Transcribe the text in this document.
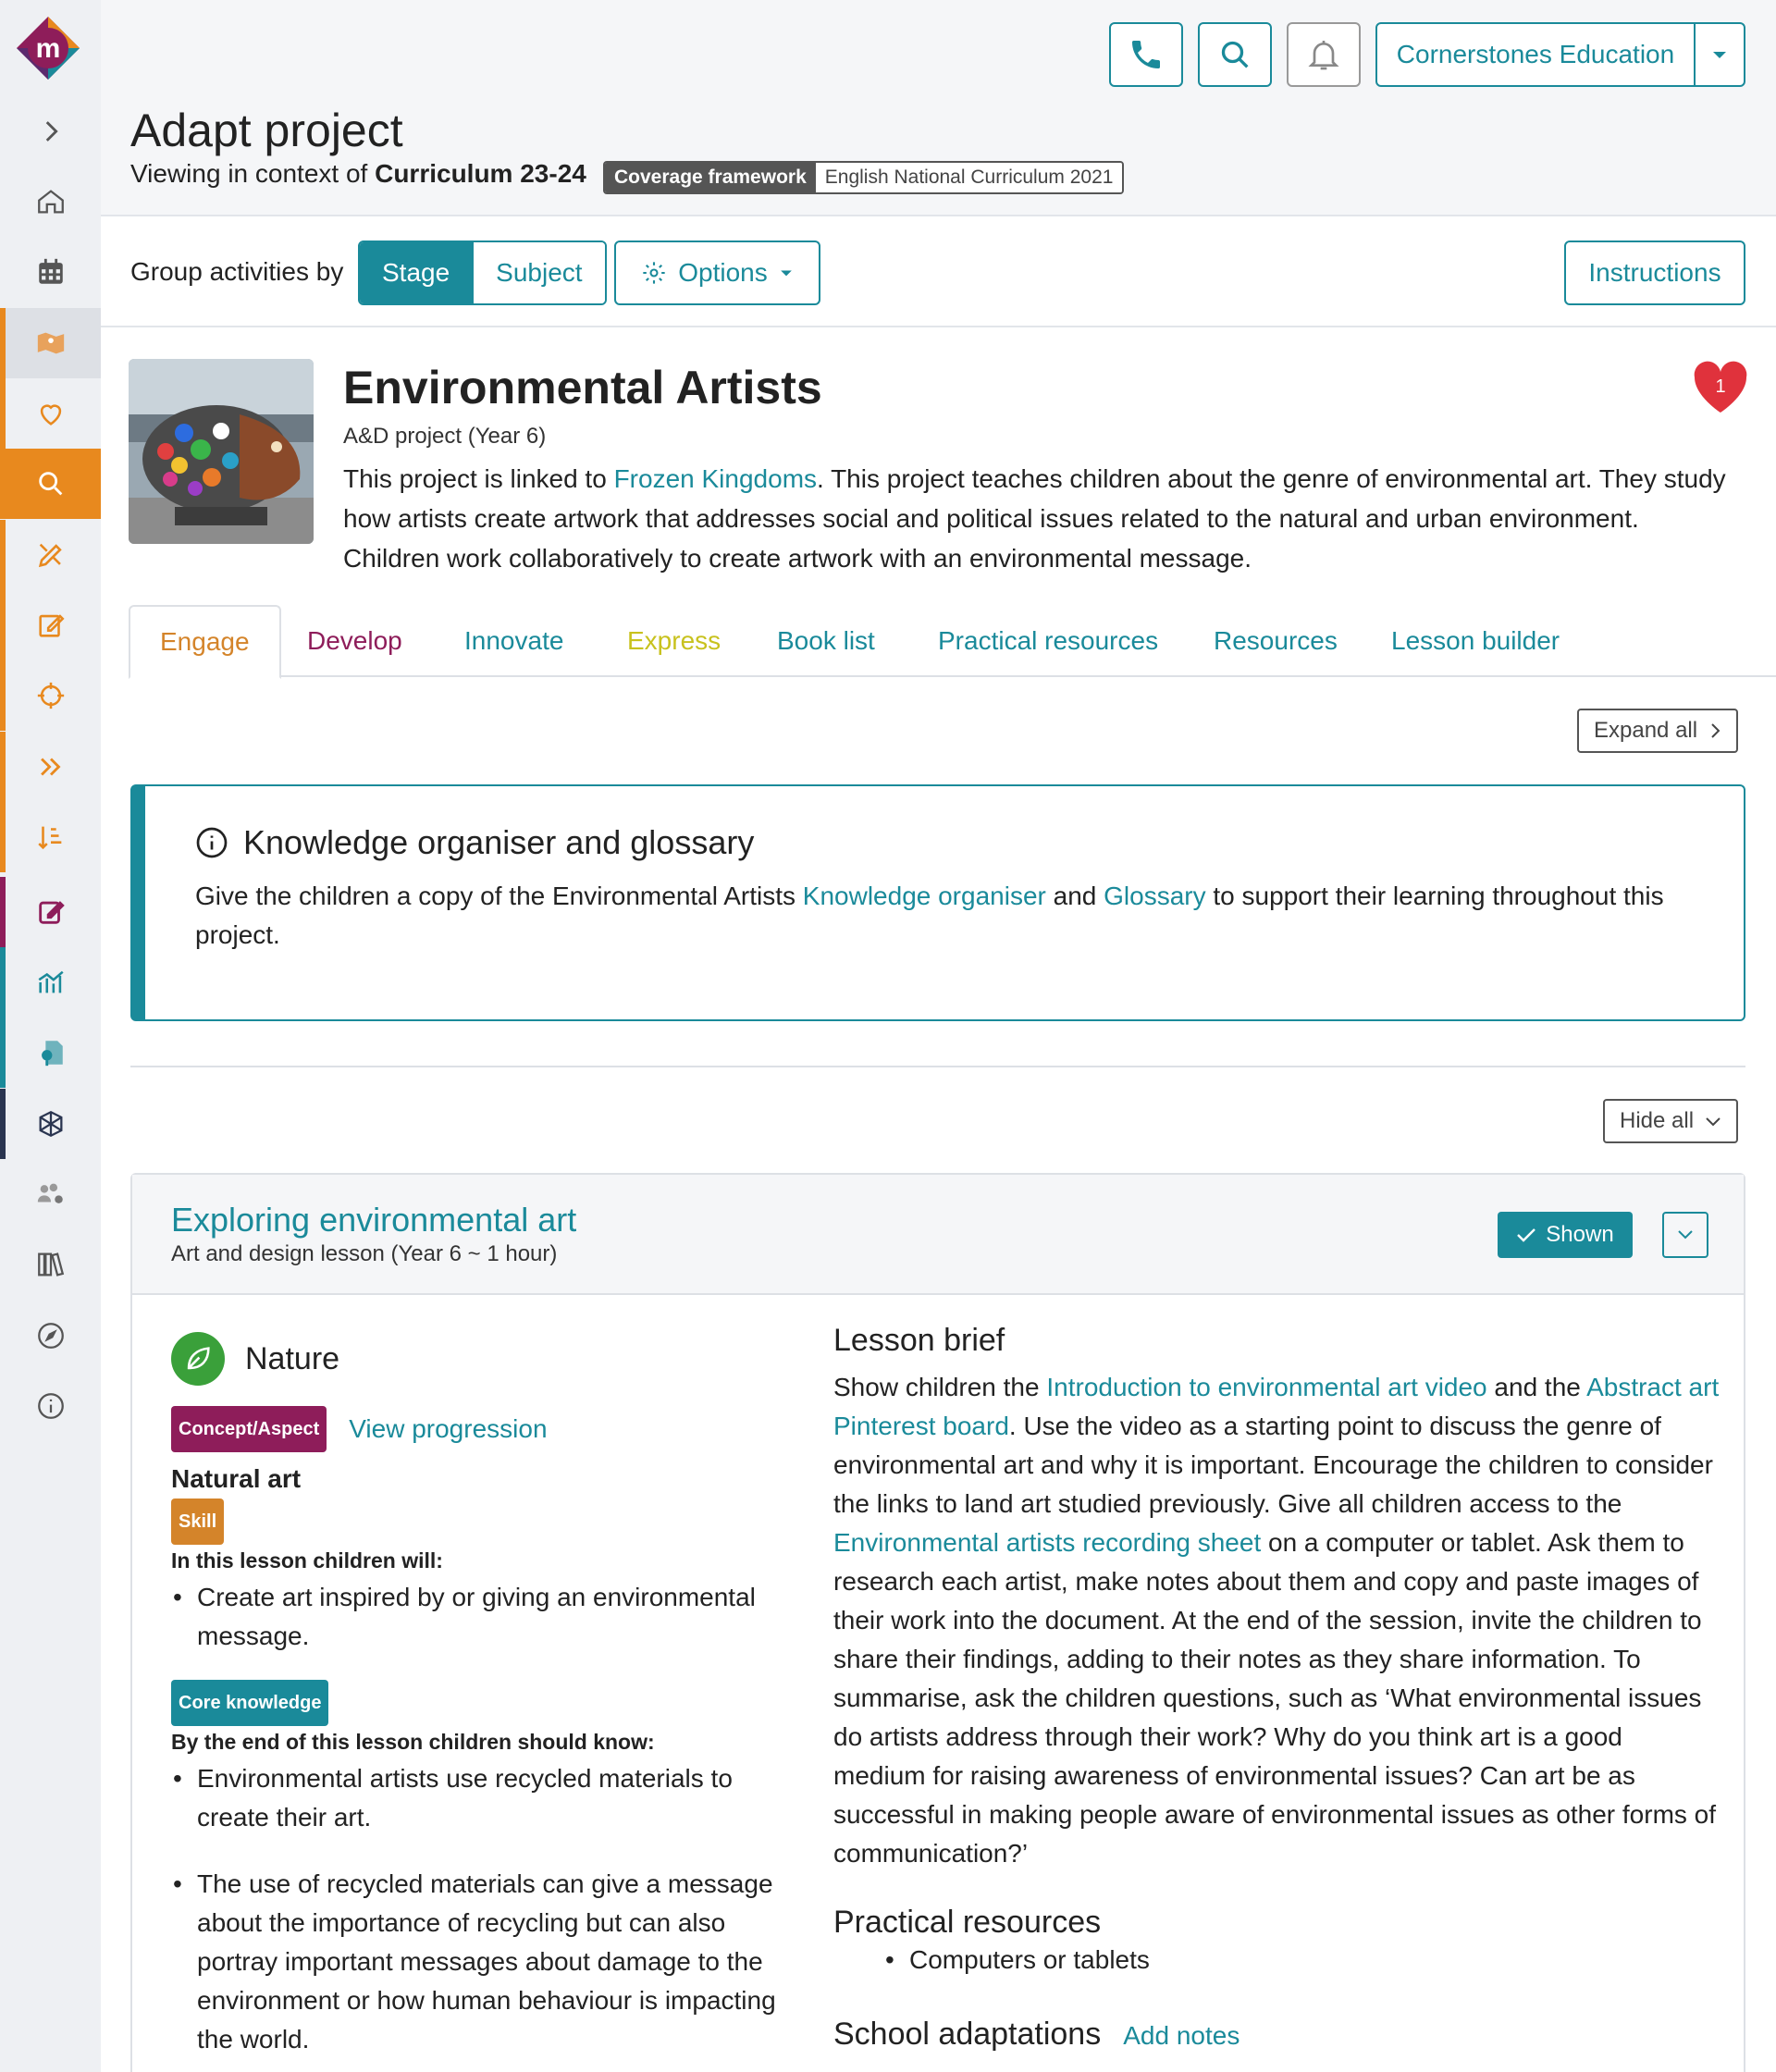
m	Cornerstones Education
Adapt project
Viewing in context of Curriculum 23-24	Coverage framework English National Curriculum 2021
Group activities by	Stage	Subject	Options	Instructions
Environmental Artists
A&D project (Year 6)

This project is linked to Frozen Kingdoms. This project teaches children about the genre of environmental art. They study how artists create artwork that addresses social and political issues related to the natural and urban environment. Children work collaboratively to create artwork with an environmental message.

1
Engage Develop Innovate Express Book list Practical resources Resources Lesson builder
Expand all
Knowledge organiser and glossary

Give the children a copy of the Environmental Artists Knowledge organiser and Glossary to support their learning throughout this project.

Hide all
Exploring environmental art
Art and design lesson (Year 6 ~ 1 hour)
Shown
Nature
Concept/Aspect View progression
Natural art
Skill
In this lesson children will:
• Create art inspired by or giving an environmental message.
Core knowledge
By the end of this lesson children should know:
• Environmental artists use recycled materials to create their art.
• The use of recycled materials can give a message about the importance of recycling but can also portray important messages about damage to the environment or how human behaviour is impacting the world.
Lesson brief

Show children the Introduction to environmental art video and the Abstract art Pinterest board. Use the video as a starting point to discuss the genre of environmental art and why it is important. Encourage the children to consider the links to land art studied previously. Give all children access to the Environmental artists recording sheet on a computer or tablet. Ask them to research each artist, make notes about them and copy and paste images of their work into the document. At the end of the session, invite the children to share their findings, adding to their notes as they share information. To summarise, ask the children questions, such as ‘What environmental issues do artists address through their work? Why do you think art is a good medium for raising awareness of environmental issues? Can art be as successful in making people aware of environmental issues as other forms of communication?’

Practical resources
• Computers or tablets
School adaptations Add notes
